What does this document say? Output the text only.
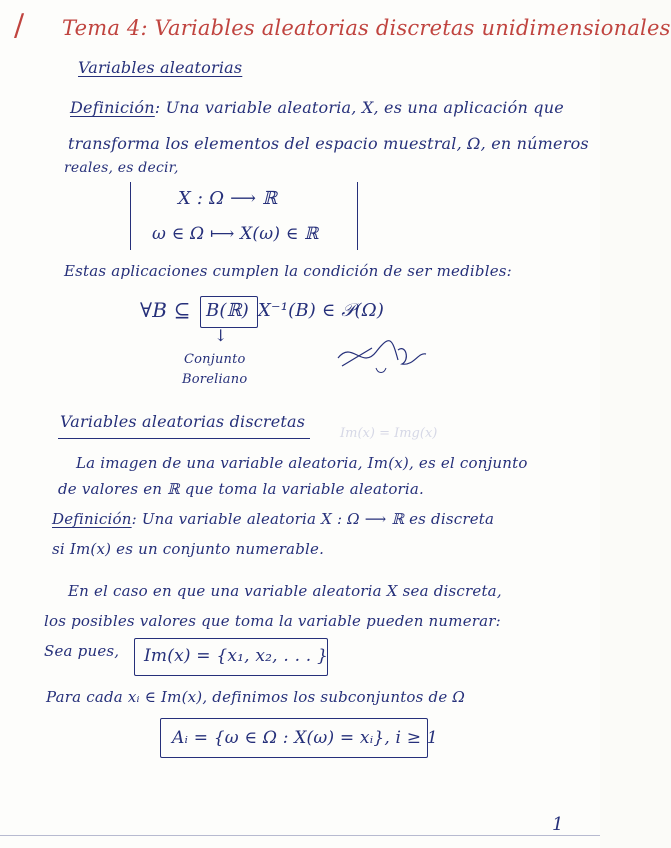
/ Tema 4: Variables aleatorias discretas unidimensionales
Variables aleatorias
Definición: Una variable aleatoria, X, es una aplicación que
transforma los elementos del espacio muestral, Ω, en números
reales, es decir,
X : Ω ⟶ ℝ
ω ∈ Ω ⟼ X(ω) ∈ ℝ
Estas aplicaciones cumplen la condición de ser medibles:
∀B ⊆ B(ℝ) X⁻¹(B) ∈ 𝒫(Ω)
↓
Conjunto
Boreliano
Variables aleatorias discretas
Im(x) = Img(x)
La imagen de una variable aleatoria, Im(x), es el conjunto
de valores en ℝ que toma la variable aleatoria.
Definición: Una variable aleatoria X : Ω ⟶ ℝ es discreta
si Im(x) es un conjunto numerable.
En el caso en que una variable aleatoria X sea discreta,
los posibles valores que toma la variable pueden numerar:
Sea pues, Im(x) = {x₁, x₂, . . . }
Para cada xᵢ ∈ Im(x), definimos los subconjuntos de Ω
Aᵢ = {ω ∈ Ω : X(ω) = xᵢ}, i ≥ 1
1
